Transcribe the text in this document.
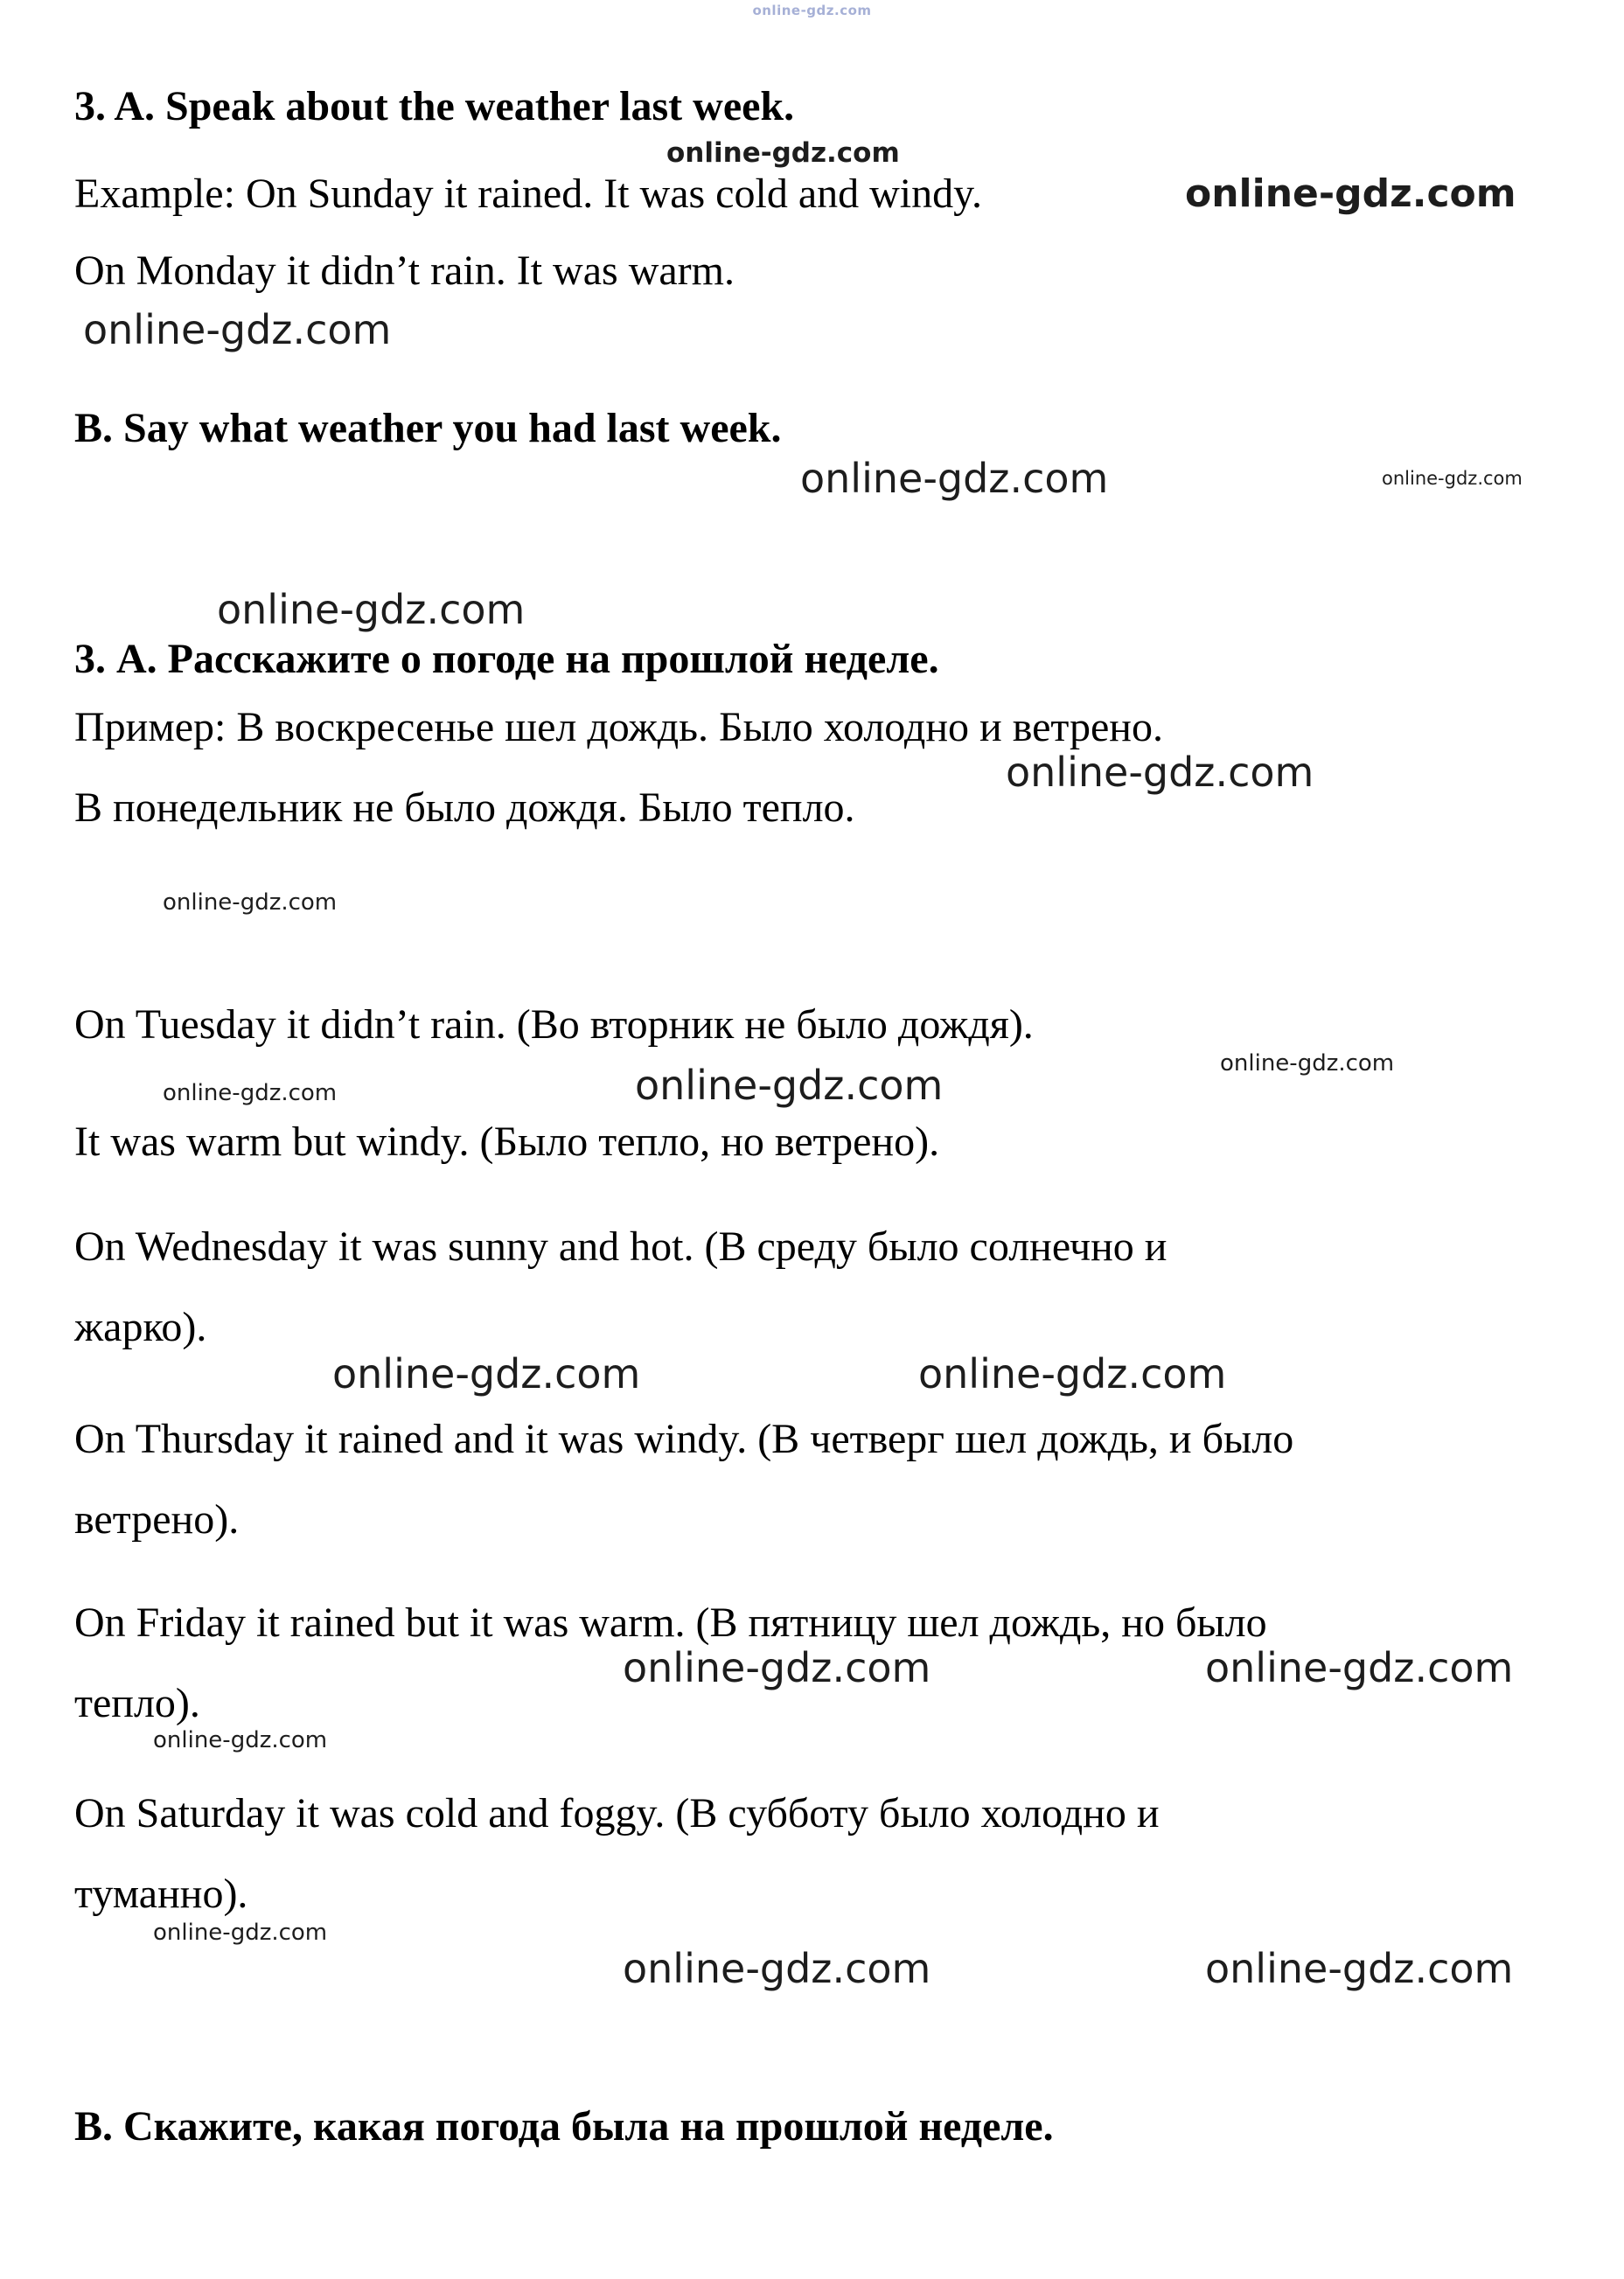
online-gdz.com
3. A. Speak about the weather last week.
online-gdz.com
Example: On Sunday it rained. It was cold and windy.	online-gdz.com
On Monday it didn’t rain. It was warm.
online-gdz.com
B. Say what weather you had last week.
online-gdz.com	online-gdz.com
online-gdz.com
3. А. Расскажите о погоде на прошлой неделе.
Пример: В воскресенье шел дождь. Было холодно и ветрено.
online-gdz.com
В понедельник не было дождя. Было тепло.
online-gdz.com
On Tuesday it didn’t rain. (Во вторник не было дождя).
online-gdz.com
online-gdz.com	online-gdz.com
It was warm but windy. (Было тепло, но ветрено).
On Wednesday it was sunny and hot. (В среду было солнечно и
жарко).
online-gdz.com	online-gdz.com
On Thursday it rained and it was windy. (В четверг шел дождь, и было
ветрено).
On Friday it rained but it was warm. (В пятницу шел дождь, но было
тепло).
online-gdz.com	online-gdz.com
online-gdz.com
On Saturday it was cold and foggy. (В субботу было холодно и
туманно).
online-gdz.com
online-gdz.com	online-gdz.com
В. Скажите, какая погода была на прошлой неделе.
